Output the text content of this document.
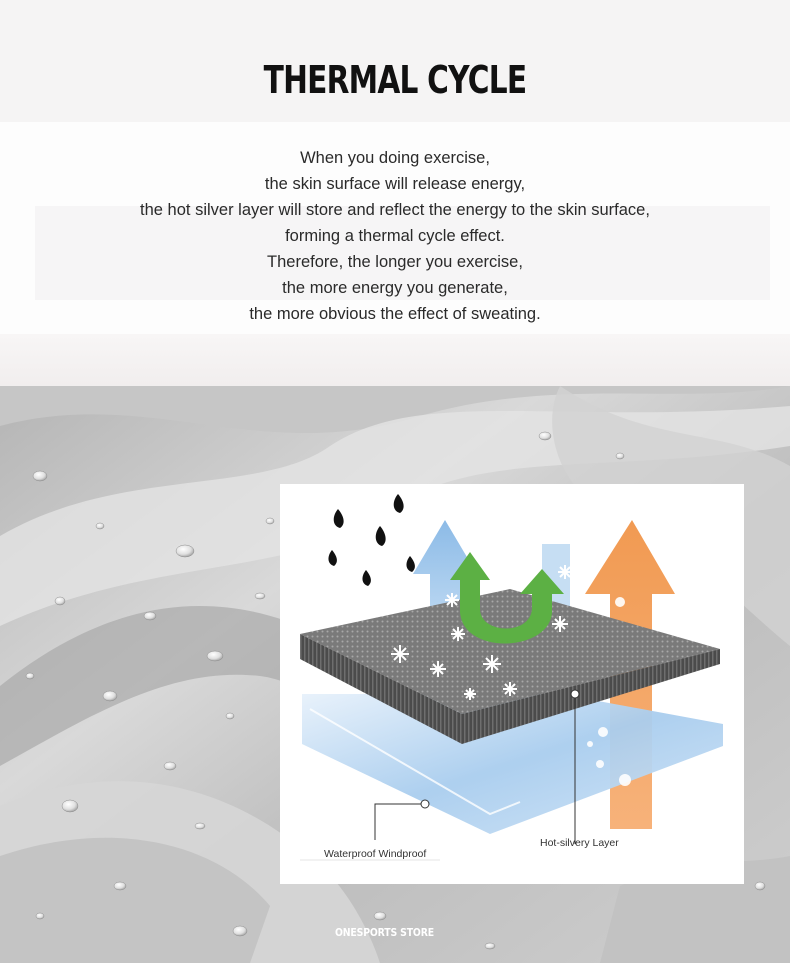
THERMAL CYCLE
When you doing exercise,
the skin surface will release energy,
the hot silver layer will store and reflect the energy to the skin surface,
forming a thermal cycle effect.
Therefore, the longer you exercise,
the more energy you generate,
the more obvious the effect of sweating.
ONESPORTS STORE
Waterproof Windproof
Hot-silvery Layer
